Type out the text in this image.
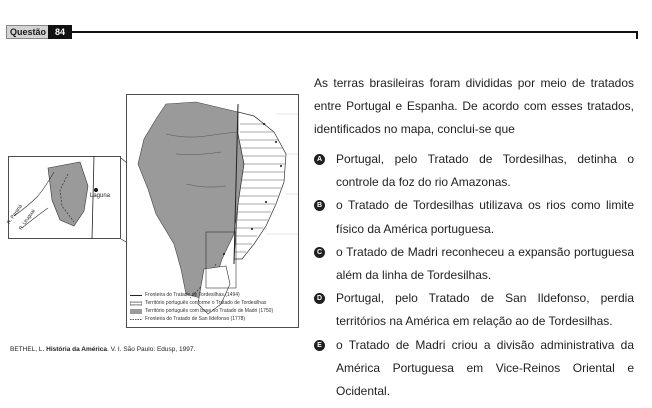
Questão 84
Laguna
R. Paraná
R. Uruguai
Fronteira do Tratado de Tordesilhas (1494)
Território português conforme o Tratado de Tordesilhas
Território português com base no Tratado de Madri (1750)
Fronteira do Tratado de San Ildefonso (1778)
BETHEL, L. História da América. V. I. São Paulo: Edusp, 1997.
As terras brasileiras foram divididas por meio de tratados entre Portugal e Espanha. De acordo com esses tratados, identificados no mapa, conclui-se que
A Portugal, pelo Tratado de Tordesilhas, detinha o controle da foz do rio Amazonas.
B o Tratado de Tordesilhas utilizava os rios como limite físico da América portuguesa.
C o Tratado de Madri reconheceu a expansão portuguesa além da linha de Tordesilhas.
D Portugal, pelo Tratado de San Ildefonso, perdia territórios na América em relação ao de Tordesilhas.
E o Tratado de Madri criou a divisão administrativa da América Portuguesa em Vice-Reinos Oriental e Ocidental.
